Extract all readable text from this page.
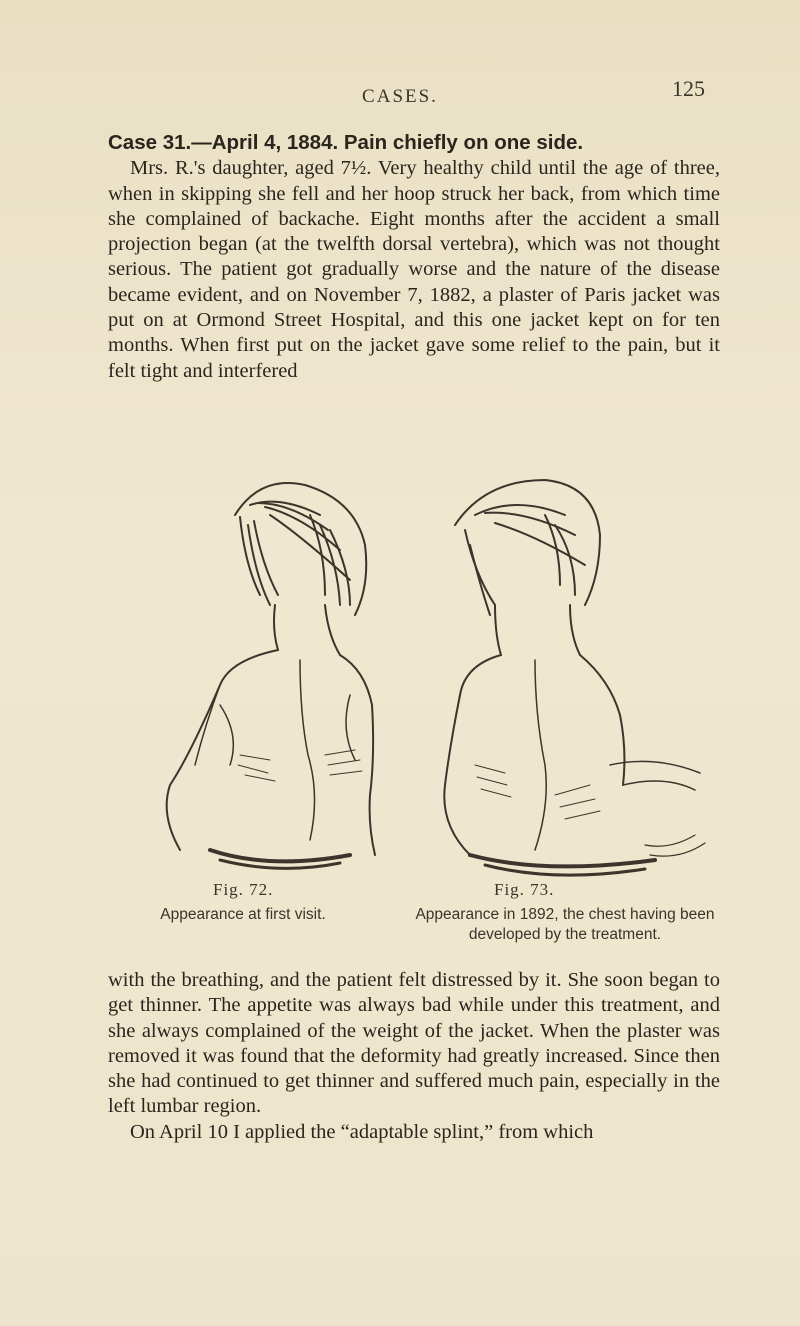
CASES.	125

Case 31.—April 4, 1884. Pain chiefly on one side.

Mrs. R.'s daughter, aged 7½. Very healthy child until the age of three, when in skipping she fell and her hoop struck her back, from which time she complained of backache. Eight months after the accident a small projection began (at the twelfth dorsal vertebra), which was not thought serious. The patient got gradually worse and the nature of the disease became evident, and on November 7, 1882, a plaster of Paris jacket was put on at Ormond Street Hospital, and this one jacket kept on for ten months. When first put on the jacket gave some relief to the pain, but it felt tight and interfered

Fig. 72.	Fig. 73.
Appearance at first visit.	Appearance in 1892, the chest having been developed by the treatment.

with the breathing, and the patient felt distressed by it. She soon began to get thinner. The appetite was always bad while under this treatment, and she always complained of the weight of the jacket. When the plaster was removed it was found that the deformity had greatly increased. Since then she had continued to get thinner and suffered much pain, especially in the left lumbar region.

On April 10 I applied the “adaptable splint,” from which
